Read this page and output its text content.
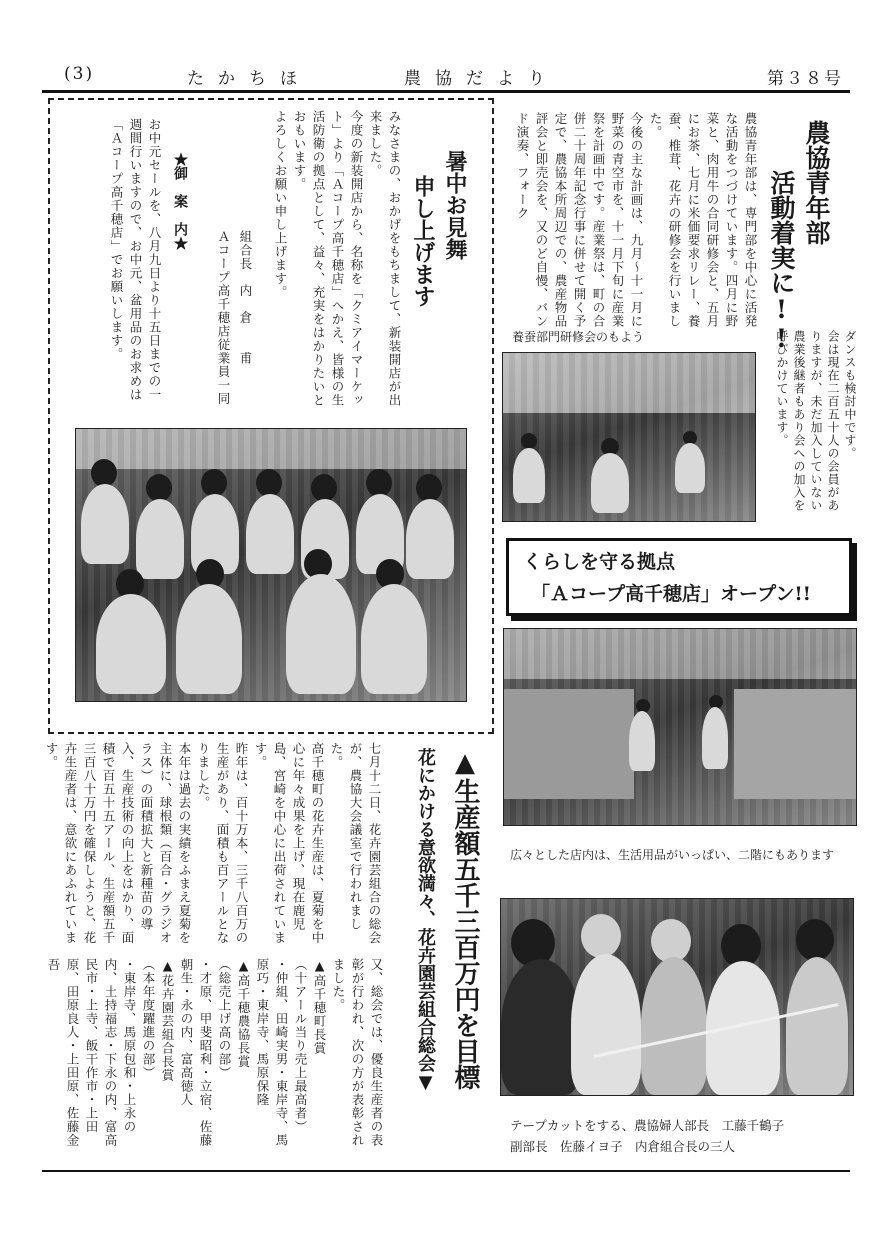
(3)	たかちほ　　　農協だより	第３８号
農協青年部
活動着実に!!
農協青年部は、専門部を中心に活発な活動をつづけています。四月に野菜と、肉用牛の合同研修会と、五月にお茶、七月に米価要求リレー、養蚕、椎茸、花卉の研修会を行いました。
今後の主な計画は、九月〜十一月に野菜の青空市を、十一月下旬に産業祭を計画中です。産業祭は、町の合併二十周年記念行事に併せて開く予定で、農協本所周辺での、農産物品評会と即売会を、又のど自慢、バンド演奏、フォーク
養蚕部門研修会のもよう	ダンスも検討中です。
会は現在二百五十人の会員がありますが、未だ加入していない農業後継者もあり会への加入を呼びかけています。
暑中お見舞
申し上げます
みなさまの、おかげをもちまして、新装開店が出来ました。
今度の新装開店から、名称を「クミアイマーケット」より「Ａコープ高千穂店」へかえ、皆様の生活防衛の拠点として、益々、充実をはかりたいとおもいます。
よろしくお願い申し上げます。
組合長　内　倉　　甫
Ａコープ高千穂店従業員一同
★御　案　内★
お中元セールを、八月九日より十五日までの一週間行いますので、お中元、盆用品のお求めは「Ａコープ高千穂店」でお願いします。
くらしを守る拠点
「Ａコープ高千穂店」オープン!!
広々とした店内は、生活用品がいっぱい、二階にもあります
テープカットをする、農協婦人部長　工藤千鶴子
副部長　佐藤イヨ子　内倉組合長の三人
▲生産額五千三百万円を目標
花にかける意欲満々、花卉園芸組合総会▼
七月十二日、花卉園芸組合の総会が、農協大会議室で行われました。
高千穂町の花卉生産は、夏菊を中心に年々成果を上げ、現在鹿児島、宮崎を中心に出荷されています。
昨年は、百十万本、三千八百万の生産があり、面積も百アールとなりました。
本年は過去の実績をふまえ夏菊を主体に、球根類（百合・グラジオラス）の面積拡大と新種苗の導入、生産技術の向上をはかり、面積で百五十五アール、生産額五千三百八十万円を確保しようと、花卉生産者は、意欲にあふれています。
又、総会では、優良生産者の表彰が行われ、次の方が表彰されました。
▲高千穂町長賞
（十アール当り売上最高者）
・仲組、田崎実男・東岸寺、馬原巧・東岸寺、馬原保隆
▲高千穂農協長賞
（総売上げ高の部）
・才原、甲斐昭利・立宿、佐藤朝生・永の内、富高徳人
▲花卉園芸組合長賞
（本年度躍進の部）
・東岸寺、馬原包和・上永の内、土持福志・下永の内、富高民市・上寺、飯干作市・上田原、田原良人・上田原、佐藤金吾
